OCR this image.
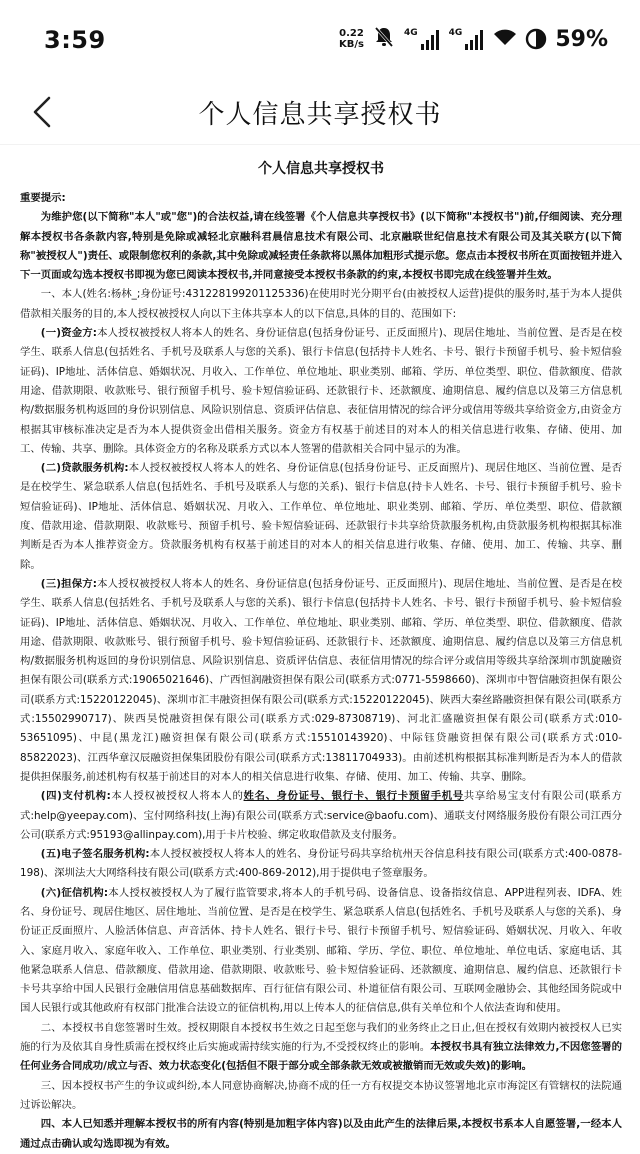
3:59	0.22
KB/s
4G	4G	59%
个人信息共享授权书
个人信息共享授权书

重要提示:

为维护您(以下简称"本人"或"您")的合法权益,请在线签署《个人信息共享授权书》(以下简称"本授权书")前,仔细阅读、充分理解本授权书各条款内容,特别是免除或减轻北京融科君晨信息技术有限公司、北京融联世纪信息技术有限公司及其关联方(以下简称"被授权人")责任、或限制您权利的条款,其中免除或减轻责任条款将以黑体加粗形式提示您。您点击本授权书所在页面按钮并进入下一页面或勾选本授权书即视为您已阅读本授权书,并同意接受本授权书条款的约束,本授权书即完成在线签署并生效。

一、本人(姓名:杨林_;身份证号:431228199201125336)在使用时光分期平台(由被授权人运营)提供的服务时,基于为本人提供借款相关服务的目的,本人授权被授权人向以下主体共享本人的以下信息,具体的目的、范围如下:

(一)资金方:本人授权被授权人将本人的姓名、身份证信息(包括身份证号、正反面照片)、现居住地址、当前位置、是否是在校学生、联系人信息(包括姓名、手机号及联系人与您的关系)、银行卡信息(包括持卡人姓名、卡号、银行卡预留手机号、验卡短信验证码)、IP地址、活体信息、婚姻状况、月收入、工作单位、单位地址、职业类别、邮箱、学历、单位类型、职位、借款额度、借款用途、借款期限、收款账号、银行预留手机号、验卡短信验证码、还款银行卡、还款额度、逾期信息、履约信息以及第三方信息机构/数据服务机构返回的身份识别信息、风险识别信息、资质评估信息、表征信用情况的综合评分或信用等级共享给资金方,由资金方根据其审核标准决定是否为本人提供资金出借相关服务。资金方有权基于前述目的对本人的相关信息进行收集、存储、使用、加工、传输、共享、删除。具体资金方的名称及联系方式以本人签署的借款相关合同中显示的为准。

(二)贷款服务机构:本人授权被授权人将本人的姓名、身份证信息(包括身份证号、正反面照片)、现居住地区、当前位置、是否是在校学生、紧急联系人信息(包括姓名、手机号及联系人与您的关系)、银行卡信息(持卡人姓名、卡号、银行卡预留手机号、验卡短信验证码)、IP地址、活体信息、婚姻状况、月收入、工作单位、单位地址、职业类别、邮箱、学历、单位类型、职位、借款额度、借款用途、借款期限、收款账号、预留手机号、验卡短信验证码、还款银行卡共享给贷款服务机构,由贷款服务机构根据其标准判断是否为本人推荐资金方。贷款服务机构有权基于前述目的对本人的相关信息进行收集、存储、使用、加工、传输、共享、删除。

(三)担保方:本人授权被授权人将本人的姓名、身份证信息(包括身份证号、正反面照片)、现居住地址、当前位置、是否是在校学生、联系人信息(包括姓名、手机号及联系人与您的关系)、银行卡信息(包括持卡人姓名、卡号、银行卡预留手机号、验卡短信验证码)、IP地址、活体信息、婚姻状况、月收入、工作单位、单位地址、职业类别、邮箱、学历、单位类型、职位、借款额度、借款用途、借款期限、收款账号、银行预留手机号、验卡短信验证码、还款银行卡、还款额度、逾期信息、履约信息以及第三方信息机构/数据服务机构返回的身份识别信息、风险识别信息、资质评估信息、表征信用情况的综合评分或信用等级共享给深圳市凯旋融资担保有限公司(联系方式:19065021646)、广西恒润融资担保有限公司(联系方式:0771-5598660)、深圳市中智信融资担保有限公司(联系方式:15220122045)、深圳市汇丰融资担保有限公司(联系方式:15220122045)、陕西大秦丝路融资担保有限公司(联系方式:15502990717)、陕西昊悦融资担保有限公司(联系方式:029-87308719)、河北汇盛融资担保有限公司(联系方式:010-53651095)、中昆(黑龙江)融资担保有限公司(联系方式:15510143920)、中际钰贷融资担保有限公司(联系方式:010-85822023)、江西华章汉辰融资担保集团股份有限公司(联系方式:13811704933)。由前述机构根据其标准判断是否为本人的借款提供担保服务,前述机构有权基于前述目的对本人的相关信息进行收集、存储、使用、加工、传输、共享、删除。

(四)支付机构:本人授权被授权人将本人的姓名、身份证号、银行卡、银行卡预留手机号共享给易宝支付有限公司(联系方式:help@yeepay.com)、宝付网络科技(上海)有限公司(联系方式:service@baofu.com)、通联支付网络服务股份有限公司江西分公司(联系方式:95193@allinpay.com),用于卡片校验、绑定收取借款及支付服务。

(五)电子签名服务机构:本人授权被授权人将本人的姓名、身份证号码共享给杭州天谷信息科技有限公司(联系方式:400-0878-198)、深圳法大大网络科技有限公司(联系方式:400-869-2012),用于提供电子签章服务。

(六)征信机构:本人授权被授权人为了履行监管要求,将本人的手机号码、设备信息、设备指纹信息、APP进程列表、IDFA、姓名、身份证号、现居住地区、居住地址、当前位置、是否是在校学生、紧急联系人信息(包括姓名、手机号及联系人与您的关系)、身份证正反面照片、人脸活体信息、声音活体、持卡人姓名、银行卡号、银行卡预留手机号、短信验证码、婚姻状况、月收入、年收入、家庭月收入、家庭年收入、工作单位、职业类别、行业类别、邮箱、学历、学位、职位、单位地址、单位电话、家庭电话、其他紧急联系人信息、借款额度、借款用途、借款期限、收款账号、验卡短信验证码、还款额度、逾期信息、履约信息、还款银行卡卡号共享给中国人民银行金融信用信息基础数据库、百行征信有限公司、朴道征信有限公司、互联网金融协会、其他经国务院或中国人民银行或其他政府有权部门批准合法设立的征信机构,用以上传本人的征信信息,供有关单位和个人依法查询和使用。

二、本授权书自您签署时生效。授权期限自本授权书生效之日起至您与我们的业务终止之日止,但在授权有效期内被授权人已实施的行为及依其自身性质需在授权终止后实施或需持续实施的行为,不受授权终止的影响。本授权书具有独立法律效力,不因您签署的任何业务合同成功/成立与否、效力状态变化(包括但不限于部分或全部条款无效或被撤销而无效或失效)的影响。

三、因本授权书产生的争议或纠纷,本人同意协商解决,协商不成的任一方有权提交本协议签署地北京市海淀区有管辖权的法院通过诉讼解决。

四、本人已知悉并理解本授权书的所有内容(特别是加粗字体内容)以及由此产生的法律后果,本授权书系本人自愿签署,一经本人通过点击确认或勾选即视为有效。
